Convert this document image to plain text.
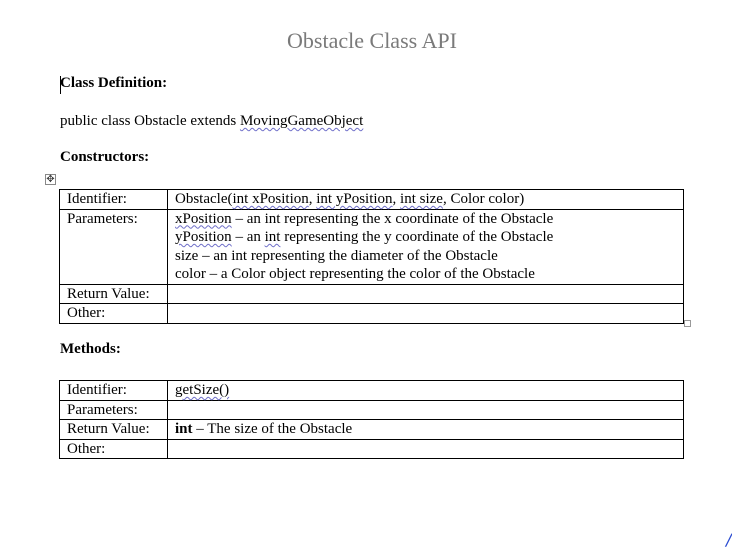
Obstacle Class API
Class Definition:
public class Obstacle extends MovingGameObject
Constructors:
✥
Identifier:	Obstacle(int xPosition, int yPosition, int size, Color color)
Parameters:	xPosition – an int representing the x coordinate of the Obstacle
yPosition – an int representing the y coordinate of the Obstacle
size – an int representing the diameter of the Obstacle
color – a Color object representing the color of the Obstacle

Return Value:	
Other:	
Methods:
Identifier:	getSize()
Parameters:	
Return Value:	int – The size of the Obstacle
Other:	
/
